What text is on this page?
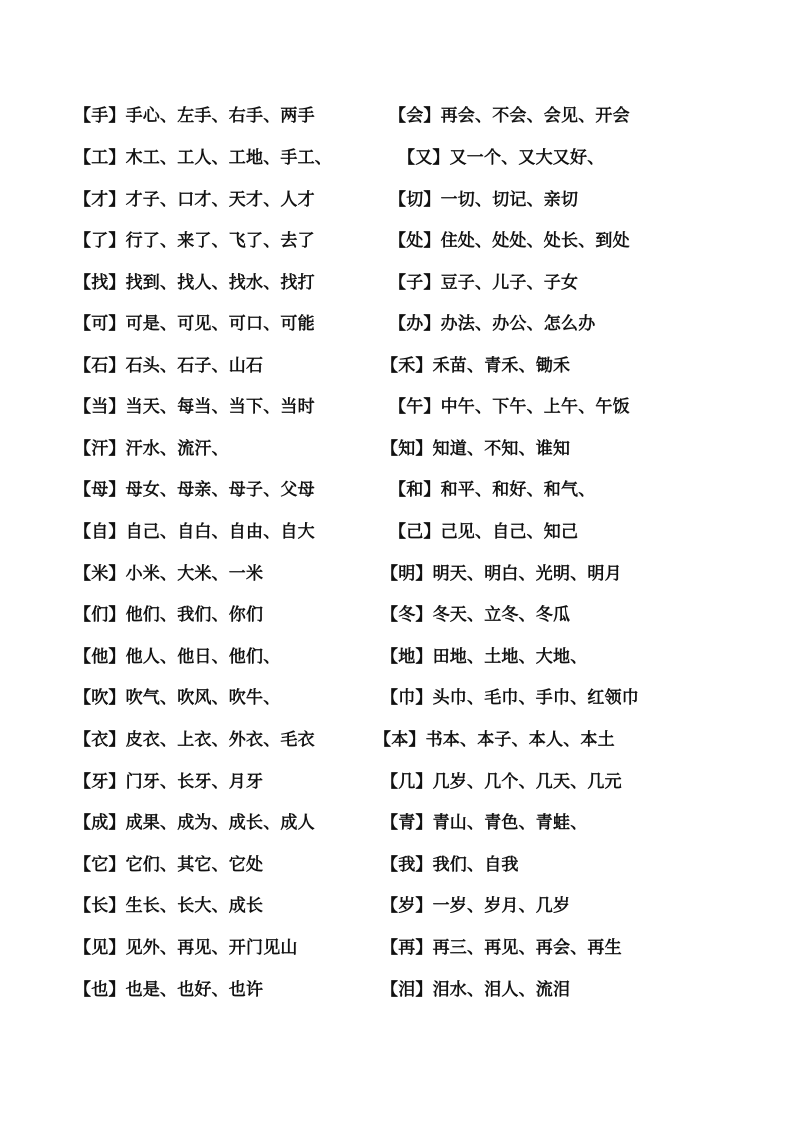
【手】手心、左手、右手、两手	【会】再会、不会、会见、开会
【工】木工、工人、工地、手工、	【又】又一个、又大又好、
【才】才子、口才、天才、人才	【切】一切、切记、亲切
【了】行了、来了、飞了、去了	【处】住处、处处、处长、到处
【找】找到、找人、找水、找打	【子】豆子、儿子、子女
【可】可是、可见、可口、可能	【办】办法、办公、怎么办
【石】石头、石子、山石	【禾】禾苗、青禾、锄禾
【当】当天、每当、当下、当时	【午】中午、下午、上午、午饭
【汗】汗水、流汗、	【知】知道、不知、谁知
【母】母女、母亲、母子、父母	【和】和平、和好、和气、
【自】自己、自白、自由、自大	【己】己见、自己、知己
【米】小米、大米、一米	【明】明天、明白、光明、明月
【们】他们、我们、你们	【冬】冬天、立冬、冬瓜
【他】他人、他日、他们、	【地】田地、土地、大地、
【吹】吹气、吹风、吹牛、	【巾】头巾、毛巾、手巾、红领巾
【衣】皮衣、上衣、外衣、毛衣	【本】书本、本子、本人、本土
【牙】门牙、长牙、月牙	【几】几岁、几个、几天、几元
【成】成果、成为、成长、成人	【青】青山、青色、青蛙、
【它】它们、其它、它处	【我】我们、自我
【长】生长、长大、成长	【岁】一岁、岁月、几岁
【见】见外、再见、开门见山	【再】再三、再见、再会、再生
【也】也是、也好、也许	【泪】泪水、泪人、流泪
